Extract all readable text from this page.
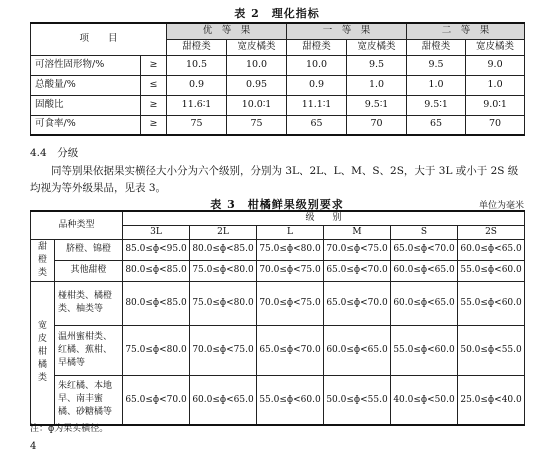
表 2　理化指标
项　　目		优　等　果		一　等　果		二　等　果	
		甜橙类	宽皮橘类	甜橙类	宽皮橘类	甜橙类	宽皮橘类
可溶性固形物/%	≥	10.5	10.0	10.0	9.5	9.5	9.0
总酸量/%	≤	0.9	0.95	0.9	1.0	1.0	1.0
固酸比	≥	11.6∶1	10.0∶1	11.1∶1	9.5∶1	9.5∶1	9.0∶1
可食率/%	≥	75	75	65	70	65	70
4.4　分级
同等别果依据果实横径大小分为六个级别，分别为 3L、2L、L、M、S、2S，大于 3L 或小于 2S 级均视为等外级果品，见表 3。
表 3　柑橘鲜果级别要求	单位为毫米
品种类型		级　　别					
		3L	2L	L	M	S	2S
甜橙类	脐橙、锦橙	85.0≤ɸ<95.0	80.0≤ɸ<85.0	75.0≤ɸ<80.0	70.0≤ɸ<75.0	65.0≤ɸ<70.0	60.0≤ɸ<65.0
	其他甜橙	80.0≤ɸ<85.0	75.0≤ɸ<80.0	70.0≤ɸ<75.0	65.0≤ɸ<70.0	60.0≤ɸ<65.0	55.0≤ɸ<60.0
宽皮柑橘类	椪柑类、橘橙类、柚类等	80.0≤ɸ<85.0	75.0≤ɸ<80.0	70.0≤ɸ<75.0	65.0≤ɸ<70.0	60.0≤ɸ<65.0	55.0≤ɸ<60.0
	温州蜜柑类、红橘、蕉柑、早橘等	75.0≤ɸ<80.0	70.0≤ɸ<75.0	65.0≤ɸ<70.0	60.0≤ɸ<65.0	55.0≤ɸ<60.0	50.0≤ɸ<55.0
	朱红橘、本地早、南丰蜜橘、砂糖橘等	65.0≤ɸ<70.0	60.0≤ɸ<65.0	55.0≤ɸ<60.0	50.0≤ɸ<55.0	40.0≤ɸ<50.0	25.0≤ɸ<40.0
注：ɸ为果实横径。
4
